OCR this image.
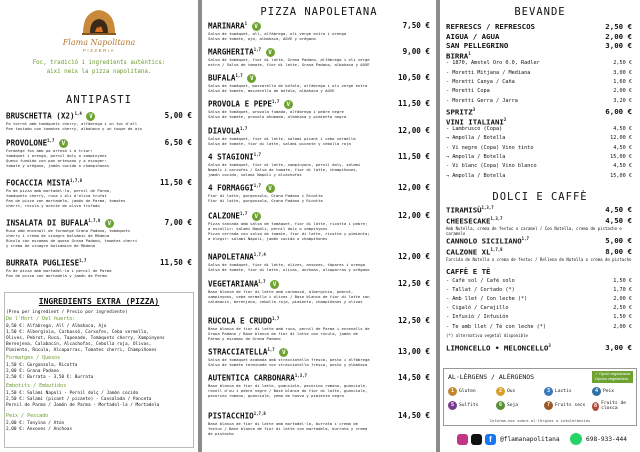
Flama Napolitana
PIZZERIA
Foc, tradició i ingredients autèntics:
així neix la pizza napolitana.
ANTIPASTI
BRUSCHETTA $(X2)^{1,4}$ V	5,00 €
Pa torrat amb tomàquets cherry, alfàbrega i un toc d'all
Pan tostado con tomates cherry, albahaca y un toque de ajo
PROVOLONE$^{1,7}$ V	6,50 €
Formatge fos amb pa artesà i a triar:
tomàquet i orenga, pernil dolç o xampinyons
Queso fundido con pan artesano y a escoger:
tomate y orégano, jamón cocido o champiñones
FOCACCIA MISTA$^{1,7,8}$	11,50 €
Pa de pizza amb mortadel·la, pernil de Parma,
tomàquets cherry, ruca i oli d'oliva trufat
Pan de pizza con mortadela, jamón de Parma, tomates
cherri, rúcula y aceite de oliva trufado
INSALATA DI BUFALA$^{1,7,8}$ V	7,00 €
Ruca amb encenall de formatge Grana Padano, tomàquets
cherry i crema de vinagre balsàmic de Mòdena
Rúcula con escamas de queso Grana Padano, tomates cherri
y crema de vinagre balsámico de Módena
BURRATA PUGLIESE$^{1,7}$	11,50 €
Pa de pizza amb mortadel·la i pernil de Parma
Pan de pizza con mortadela y jamón de Parma
INGREDIENTS EXTRA (PIZZA)
(Preu per ingredient / Precio por ingrediente)
De l'Hort / Del huerto:
0,50 €: Alfàbrega, All / Albahaca, Ajo
1,50 €: Albergínia, Carbassó, Carxofes, Ceba vermella,
Olives, Pebrot, Ruca, Tapenade, Tomàquets cherry, Xampinyons
Berenjena, Calabacín, Alcachofas, Cebolla roja, Olivas,
Pimiento, Rúcula, Alcaparras, Tomates cherri, Champiñones
Formatges / Quesos
1,50 €: Gorgonzola, Ricotta
2,00 €: Grana Padano
2,50 €: Burrata · 3,50 €: Burrata
Embotits / Embutidos
1,50 €: Salami Napoli - Pernil dolç / Jamón cocido
2,50 €: Salami (picant / picante) - Cansalada / Panceta
Pernil de Parma / Jamón de Parma - Mortadel·la / Mortadela
Peix / Pescado
2,00 €: Tonyina / Atún
2,00 €: Anxoves / Anchoas
PIZZA NAPOLETANA
MARINARA$^1$ V	7,50 €
Salsa de tomàquet, all, alfàbrega, oli verge extra i orenga
Salsa de tomate, ajo, albahaca, AOVE y orégano
MARGHERITA$^{1,7}$ V	9,00 €
Salsa de tomàquet, fior di latte, Grana Padano, alfàbrega i oli verge
extra / Salsa de tomate, fior di latte, Grana Padano, albahaca y AOVE
BUFALA$^{1,7}$ V	10,50 €
Salsa de tomàquet, mozzarella de búfala, alfàbrega i oli verge extra
Salsa de tomate, mozzarella de búfala, albahaca y AOVE
PROVOLA E PEPE$^{1,7}$ V	11,50 €
Salsa de tomàquet, provola fumada, alfàbrega i pebre negre
Salsa de tomate, provola ahumada, albahaca y pimienta negra
DIAVOLA$^{1,7}$	12,00 €
Salsa de tomàquet, fior di latte, salami picant i ceba vermella
Salsa de tomate, fior di latte, salami picante y cebolla roja
4 STAGIONI$^{1,7}$	11,50 €
Salsa de tomàquet, fior di latte, xampinyons, pernil dolç, salami
Napoli i carxofes / Salsa de tomate, fior di latte, champiñones,
jamón cocido, salami Napoli y alcachofas
4 FORMAGGI$^{1,7}$ V	12,00 €
Fior di latte, gorgonzola, Grana Padano i Ricotta
Fior di latte, gorgonzola, Grana Padano y Ricotta
CALZONE$^{1,7}$ V	12,00 €
Pizza tancada amb salsa de tomàquet, fior di latte, ricotta i pebre;
a escollir: salami Napoli, pernil dolç o xampinyons
Pizza cerrada con salsa de tomate, fior di latte, ricotta y pimienta;
a elegir: salami Napoli, jamón cocido o champiñones
NAPOLETANA$^{1,7,4}$	12,00 €
Salsa de tomàquet, fior di latte, olives, anxoves, tàpares i orenga
Salsa de tomate, fior di latte, olivas, anchoas, alcaparras y orégano
VEGETARIANA$^{1,7}$ V	12,50 €
Base blanca de fior di latte amb carbassó, albergínia, pebrot,
xampinyons, ceba vermella i olives / Base blanca de fior di latte con
calabacín, berenjena, cebolla roja, pimiento, champiñones y olivas
RUCOLA E CRUDO$^{1,7}$	12,50 €
Base blanca de fior di latte amb ruca, pernil de Parma i encenalls de
Grana Padano / Base blanca de fior di latte con rúcula, jamón de
Parma y escamas de Grana Padano
STRACCIATELLA$^{1,7}$ V	13,00 €
Salsa de tomàquet acabada amb stracciatella fresca, pesto i alfàbrega
Salsa de tomate terminada con stracciatella fresca, pesto y albahaca
AUTENTICA CARBONARA$^{1,3,7}$	14,50 €
Base blanca de fior di latte, guanciale, pecorino romano, guanciale,
rovell d'ou i pebre negre / Base blanca de fior di latte, guanciale,
pecorino romano, guanciale, yema de huevo y pimienta negra
PISTACCHIO$^{1,7,8}$	14,50 €
Base blanca de fior di latte amb mortadel·la, burrata i crema de
festuc / Base blanca de fior di latte con mortadela, burrata y crema
de pistacho
BEVANDE
REFRESCS / REFRESCOS	2,50 €
AIGUA / AGUA	2,00 €
SAN PELLEGRINO	3,00 €
BIRRA$^1$
- 1870, Amstel Oro 0.0, Radler	2,50 €
- Moretti Mitjana / Mediana	3,00 €
- Moretti Canya / Caña	1,60 €
- Moretti Copa	2,00 €
- Moretti Gerra / Jarra	3,20 €
SPRITZ$^3$	6,00 €
VINI ITALIANI$^2$
- Lambrusco (Copa)	4,50 €
→ Ampolla / Botella	12,00 €
- Vi negre (Copa) Vino tinto	4,50 €
→ Ampolla / Botella	15,00 €
- Vi blanc (Copa) Vino blanco	4,50 €
→ Ampolla / Botella	15,00 €
DOLCI E CAFFÈ
TIRAMISÙ$^{1,3,7}$	4,50 €
CHEESECAKE$^{1,3,7}$	4,50 €
Amb Nutella, crema de festuc o caramel / Con Nutella, crema de pistacho o caramelo
CANNOLO SICILIANO$^{1,7}$	5,00 €
CALZONE XL$^{1,7,8}$	8,00 €
Farcida de Nutella o crema de festuc / Rellena de Nutella o crema de pistacho
CAFFÈ E TÈ
- Cafè sol / Café solo	1,50 €
- Tallat / Cortado (*)	1,70 €
- Amb llet / Con leche (*)	2,00 €
- Cigaló / Carajillo	2,50 €
- Infusió / Infusión	1,50 €
- Te amb llet / Té con leche (*)	2,00 €
(*) alternativa vegetal disponible
LIMONCELLO • MELONCELLO$^3$	3,00 €
AL·LÈRGENS / ALÉRGENOS	✓ Opció vegetariana
Opción vegetariana
1	Gluten	2	Ous	3	Lactis	4	Peix
5	Sulfits	6	Soja	7	Fruits secs	8 Fruits de closca
Informa-nos sobre al·lèrgies o intoleràncies
f	@flamanapolitana	698-933-444
